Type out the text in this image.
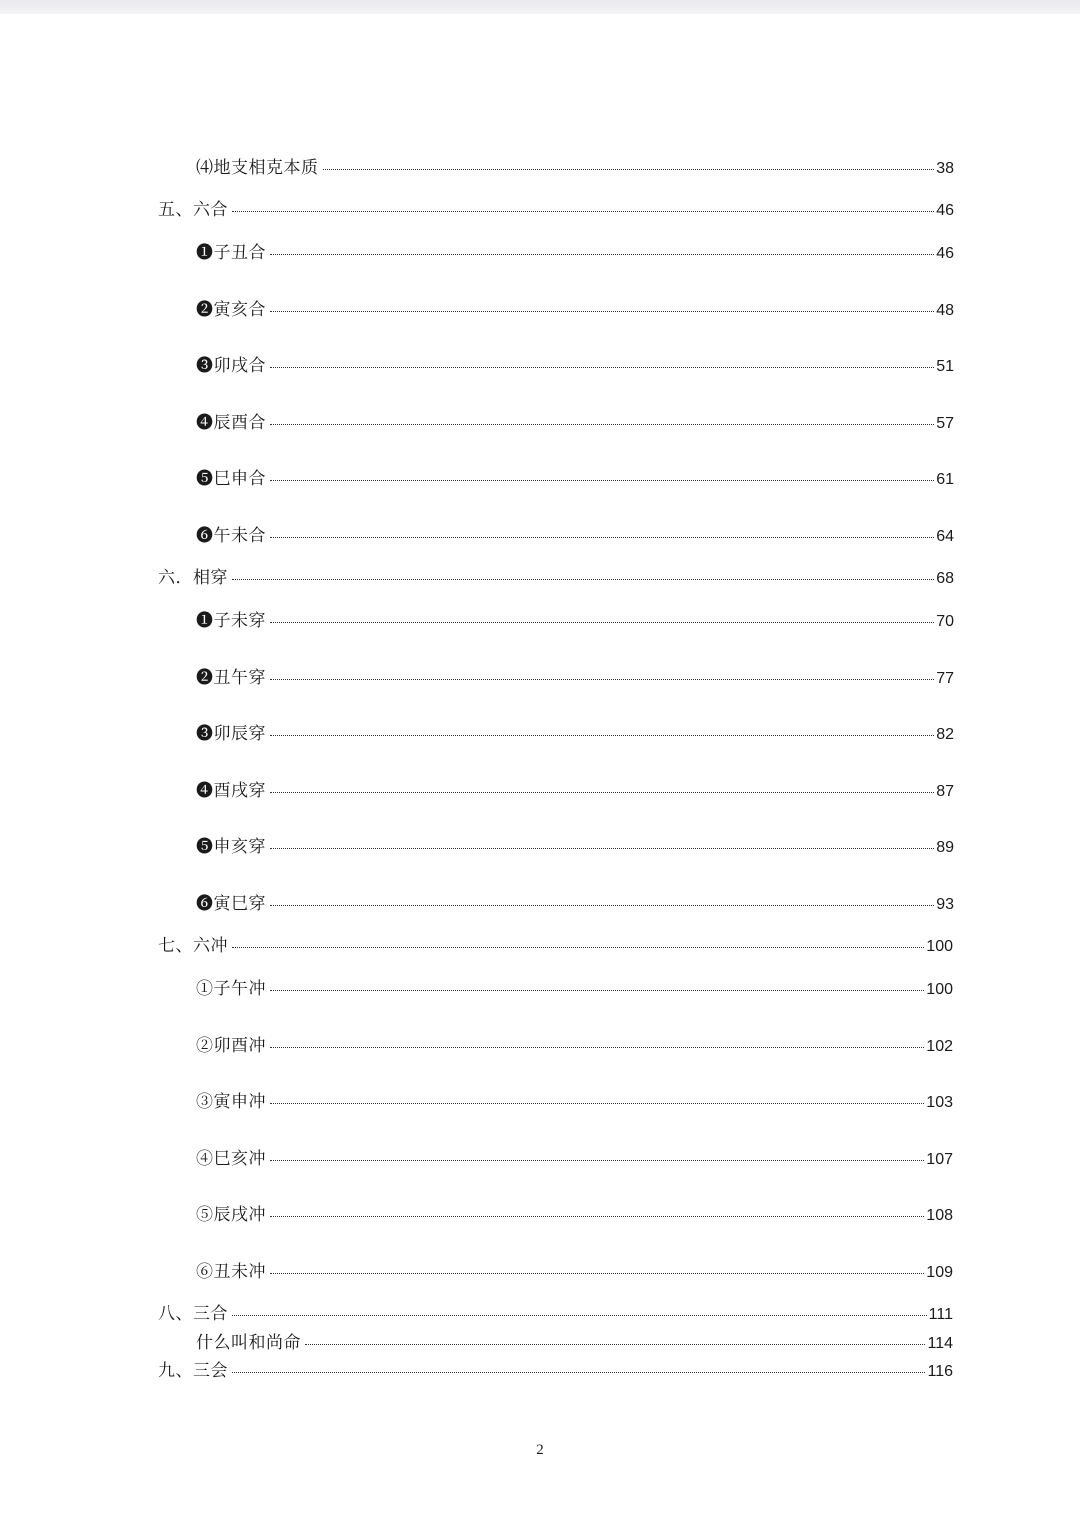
⑷地支相克本质	38
五、六合	46
❶子丑合	46
❷寅亥合	48
❸卯戌合	51
❹辰酉合	57
❺巳申合	61
❻午未合	64
六．相穿	68
❶子未穿	70
❷丑午穿	77
❸卯辰穿	82
❹酉戌穿	87
❺申亥穿	89
❻寅巳穿	93
七、六冲	100
①子午冲	100
②卯酉冲	102
③寅申冲	103
④巳亥冲	107
⑤辰戌冲	108
⑥丑未冲	109
八、三合	111
什么叫和尚命	114
九、三会	116
2
